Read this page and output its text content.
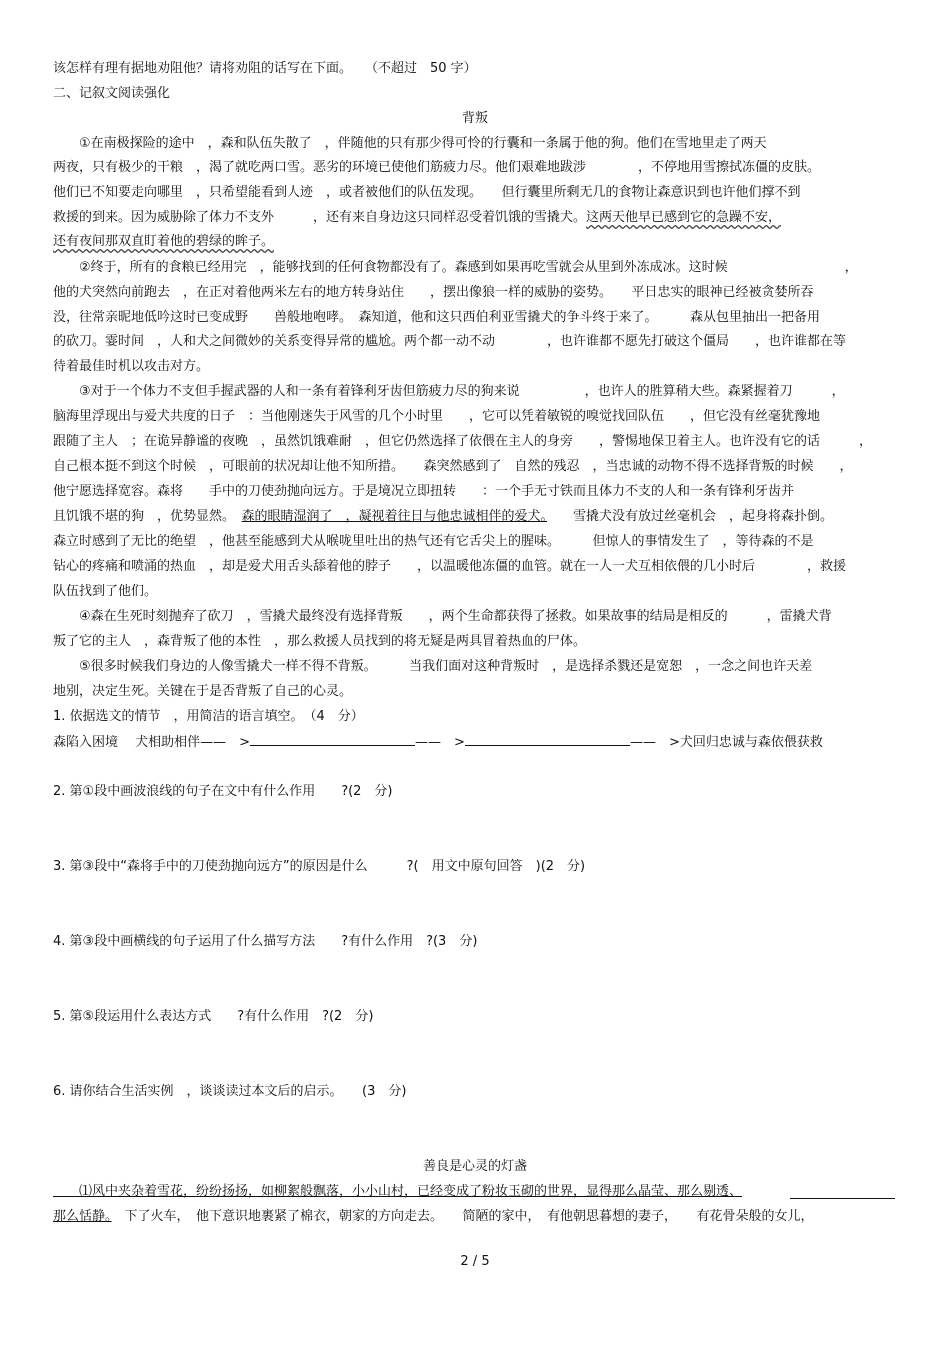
该怎样有理有据地劝阻他？请将劝阻的话写在下面。　　（不超过　50 字）
二、记叙文阅读强化
背叛
　　①在南极探险的途中　，森和队伍失散了　，伴随他的只有那少得可怜的行囊和一条属于他的狗。他们在雪地里走了两天
两夜，只有极少的干粮　，渴了就吃两口雪。恶劣的环境已使他们筋疲力尽。他们艰难地跋涉　　　　，不停地用雪擦拭冻僵的皮肤。
他们已不知要走向哪里　，只希望能看到人迹　，或者被他们的队伍发现。　　但行囊里所剩无几的食物让森意识到也许他们撑不到
救援的到来。因为威胁除了体力不支外　　　，还有来自身边这只同样忍受着饥饿的雪撬犬。这两天他早已感到它的急躁不安，
还有夜间那双直盯着他的碧绿的眸子。
　　②终于，所有的食粮已经用完　，能够找到的任何食物都没有了。森感到如果再吃雪就会从里到外冻成冰。这时候　　　　　　　　　，
他的犬突然向前跑去　，在正对着他两米左右的地方转身站住　　，摆出像狼一样的威胁的姿势。　　平日忠实的眼神已经被贪婪所吞
没，往常亲昵地低吟这时已变成野　　兽般地咆哮。　森知道，他和这只西伯利亚雪撬犬的争斗终于来了。　　　森从包里抽出一把备用
的砍刀。霎时间　，人和犬之间微妙的关系变得异常的尴尬。两个都一动不动　　　　，也许谁都不愿先打破这个僵局　　，也许谁都在等
待着最佳时机以攻击对方。
　　③对于一个体力不支但手握武器的人和一条有着锋利牙齿但筋疲力尽的狗来说　　　　　，也许人的胜算稍大些。森紧握着刀　　　，
脑海里浮现出与爱犬共度的日子　：当他刚迷失于风雪的几个小时里　　，它可以凭着敏锐的嗅觉找回队伍　　，但它没有丝毫犹豫地
跟随了主人　；在诡异静谧的夜晚　，虽然饥饿难耐　，但它仍然选择了依偎在主人的身旁　　，警惕地保卫着主人。也许没有它的话　　　，
自己根本挺不到这个时候　，可眼前的状况却让他不知所措。　　森突然感到了　自然的残忍　，当忠诚的动物不得不选择背叛的时候　　，
他宁愿选择宽容。森将　　手中的刀使劲抛向远方。于是境况立即扭转　　：一个手无寸铁而且体力不支的人和一条有锋利牙齿并
且饥饿不堪的狗　，优势显然。　森的眼睛湿润了　，凝视着往日与他忠诚相伴的爱犬。　　 雪撬犬没有放过丝毫机会　，起身将森扑倒。
森立时感到了无比的绝望　，他甚至能感到犬从喉咙里吐出的热气还有它舌尖上的腥味。　　　但惊人的事情发生了　，等待森的不是
钻心的疼痛和喷涌的热血　，却是爱犬用舌头舔着他的脖子　　，以温暖他冻僵的血管。就在一人一犬互相依偎的几小时后　　　　，救援
队伍找到了他们。
　　④森在生死时刻抛弃了砍刀　，雪撬犬最终没有选择背叛　　，两个生命都获得了拯救。如果故事的结局是相反的　　　，雷撬犬背
叛了它的主人　，森背叛了他的本性　，那么救援人员找到的将无疑是两具冒着热血的尸体。
　　⑤很多时候我们身边的人像雪撬犬一样不得不背叛。　　　当我们面对这种背叛时　，是选择杀戮还是宽恕　，一念之间也许天差
地别，决定生死。关键在于是否背叛了自己的心灵。
1. 依据选文的情节　，用简洁的语言填空。　（4　分）
森陷入困境　 犬相助相伴——　>	——　>	——　>犬回归忠诚与森依偎获救
2. 第①段中画波浪线的句子在文中有什么作用　　?(2　分)
3. 第③段中“森将手中的刀使劲抛向远方”的原因是什么　　　?(　用文中原句回答　)(2　分)
4. 第③段中画横线的句子运用了什么描写方法　　?有什么作用　?(3　分)
5. 第⑤段运用什么表达方式　　?有什么作用　?(2　分)
6. 请你结合生活实例　，谈谈读过本文后的启示。　　(3　分)
善良是心灵的灯盏
　　⑴风中夹杂着雪花，纷纷扬扬，如柳絮般飘落，小小山村，已经变成了粉妆玉砌的世界，显得那么晶莹、那么剔透、
那么恬静。　下了火车，　他下意识地裹紧了棉衣，朝家的方向走去。　　简陋的家中，　有他朝思暮想的妻子，　　有花骨朵般的女儿，
2 / 5
